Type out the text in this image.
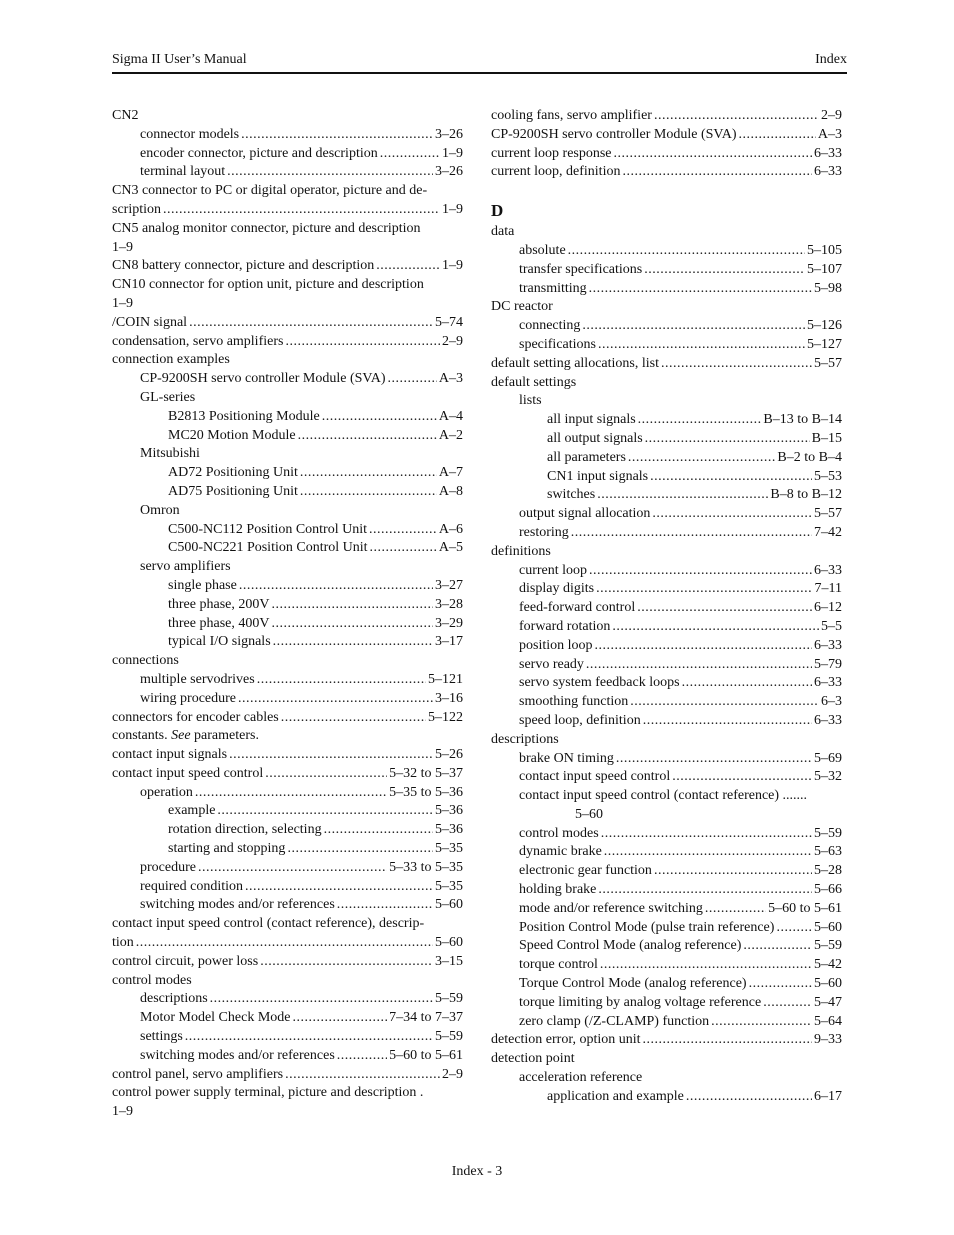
Sigma II User’s Manual	Index
CN2
connector models .....	3–26
encoder connector, picture and description .....	1–9
terminal layout .....	3–26
CN3 connector to PC or digital operator, picture and de-
scription .....	1–9
CN5 analog monitor connector, picture and description
1–9
CN8 battery connector, picture and description .....	1–9
CN10 connector for option unit, picture and description
1–9
/COIN signal .....	5–74
condensation, servo amplifiers .....	2–9
connection examples
CP-9200SH servo controller Module (SVA) .....	A–3
GL-series
B2813 Positioning Module .....	A–4
MC20 Motion Module .....	A–2
Mitsubishi
AD72 Positioning Unit .....	A–7
AD75 Positioning Unit .....	A–8
Omron
C500-NC112 Position Control Unit .....	A–6
C500-NC221 Position Control Unit .....	A–5
servo amplifiers
single phase .....	3–27
three phase, 200V .....	3–28
three phase, 400V .....	3–29
typical I/O signals .....	3–17
connections
multiple servodrives .....	5–121
wiring procedure .....	3–16
connectors for encoder cables .....	5–122
constants. See parameters.
contact input signals .....	5–26
contact input speed control .....	5–32 to 5–37
operation .....	5–35 to 5–36
example .....	5–36
rotation direction, selecting .....	5–36
starting and stopping .....	5–35
procedure .....	5–33 to 5–35
required condition .....	5–35
switching modes and/or references .....	5–60
contact input speed control (contact reference), descrip-
tion .....	5–60
control circuit, power loss .....	3–15
control modes
descriptions .....	5–59
Motor Model Check Mode .....	7–34 to 7–37
settings .....	5–59
switching modes and/or references .....	5–60 to 5–61
control panel, servo amplifiers .....	2–9
control power supply terminal, picture and description .
1–9
cooling fans, servo amplifier .....	2–9
CP-9200SH servo controller Module (SVA) .....	A–3
current loop response .....	6–33
current loop, definition .....	6–33
D
data
absolute .....	5–105
transfer specifications .....	5–107
transmitting .....	5–98
DC reactor
connecting .....	5–126
specifications .....	5–127
default setting allocations, list .....	5–57
default settings
lists
all input signals .....	B–13 to B–14
all output signals .....	B–15
all parameters .....	B–2 to B–4
CN1 input signals .....	5–53
switches .....	B–8 to B–12
output signal allocation .....	5–57
restoring .....	7–42
definitions
current loop .....	6–33
display digits .....	7–11
feed-forward control .....	6–12
forward rotation .....	5–5
position loop .....	6–33
servo ready .....	5–79
servo system feedback loops .....	6–33
smoothing function .....	6–3
speed loop, definition .....	6–33
descriptions
brake ON timing .....	5–69
contact input speed control .....	5–32
contact input speed control (contact reference) .......
5–60
control modes .....	5–59
dynamic brake .....	5–63
electronic gear function .....	5–28
holding brake .....	5–66
mode and/or reference switching .....	5–60 to 5–61
Position Control Mode (pulse train reference) .....	5–60
Speed Control Mode (analog reference) .....	5–59
torque control .....	5–42
Torque Control Mode (analog reference) .....	5–60
torque limiting by analog voltage reference .....	5–47
zero clamp (/Z-CLAMP) function .....	5–64
detection error, option unit .....	9–33
detection point
acceleration reference
application and example .....	6–17
Index - 3
